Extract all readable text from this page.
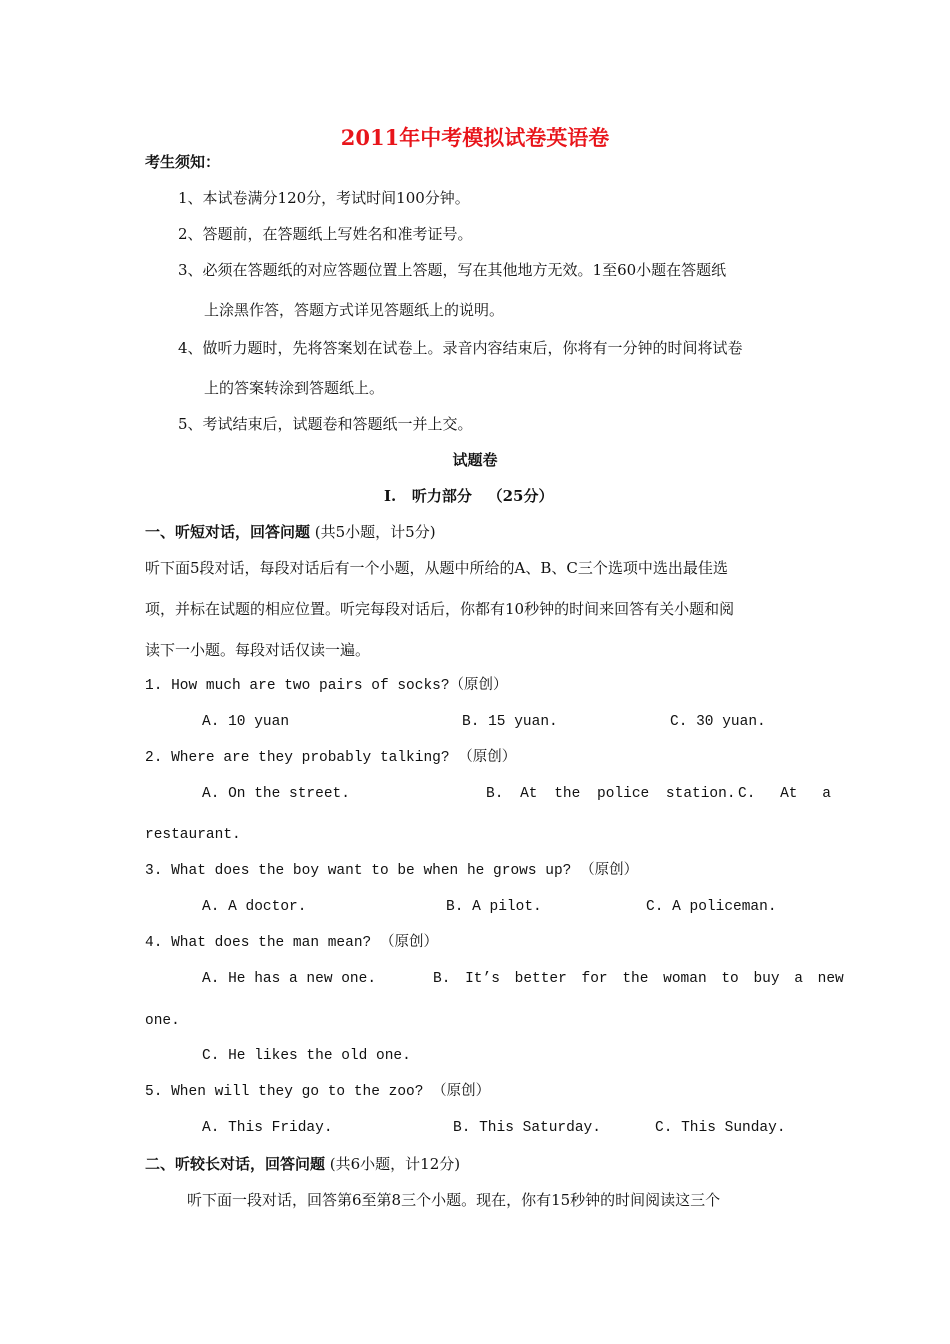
2011年中考模拟试卷英语卷
考生须知：
1、本试卷满分120分，考试时间100分钟。
2、答题前，在答题纸上写姓名和准考证号。
3、必须在答题纸的对应答题位置上答题，写在其他地方无效。1至60小题在答题纸
上涂黑作答，答题方式详见答题纸上的说明。
4、做听力题时，先将答案划在试卷上。录音内容结束后，你将有一分钟的时间将试卷
上的答案转涂到答题纸上。
5、考试结束后，试题卷和答题纸一并上交。
试题卷
I.   听力部分   （25分）
一、听短对话，回答问题 (共5小题，计5分)
听下面5段对话，每段对话后有一个小题，从题中所给的A、B、C三个选项中选出最佳选
项，并标在试题的相应位置。听完每段对话后，你都有10秒钟的时间来回答有关小题和阅
读下一小题。每段对话仅读一遍。
1. How much are two pairs of socks?（原创）
A. 10 yuan	B. 15 yuan.	C. 30 yuan.
2. Where are they probably talking? （原创）
A. On the street.	B. At the police station. C. At a
restaurant.
3. What does the boy want to be when he grows up? （原创）
A. A doctor.	B. A pilot.	C. A policeman.
4. What does the man mean? （原创）
A. He has a new one.	B. It’s better for the woman to buy a new
one.
C. He likes the old one.
5. When will they go to the zoo? （原创）
A. This Friday.	B. This Saturday.	C. This Sunday.
二、听较长对话，回答问题 (共6小题，计12分)
听下面一段对话，回答第6至第8三个小题。现在，你有15秒钟的时间阅读这三个
